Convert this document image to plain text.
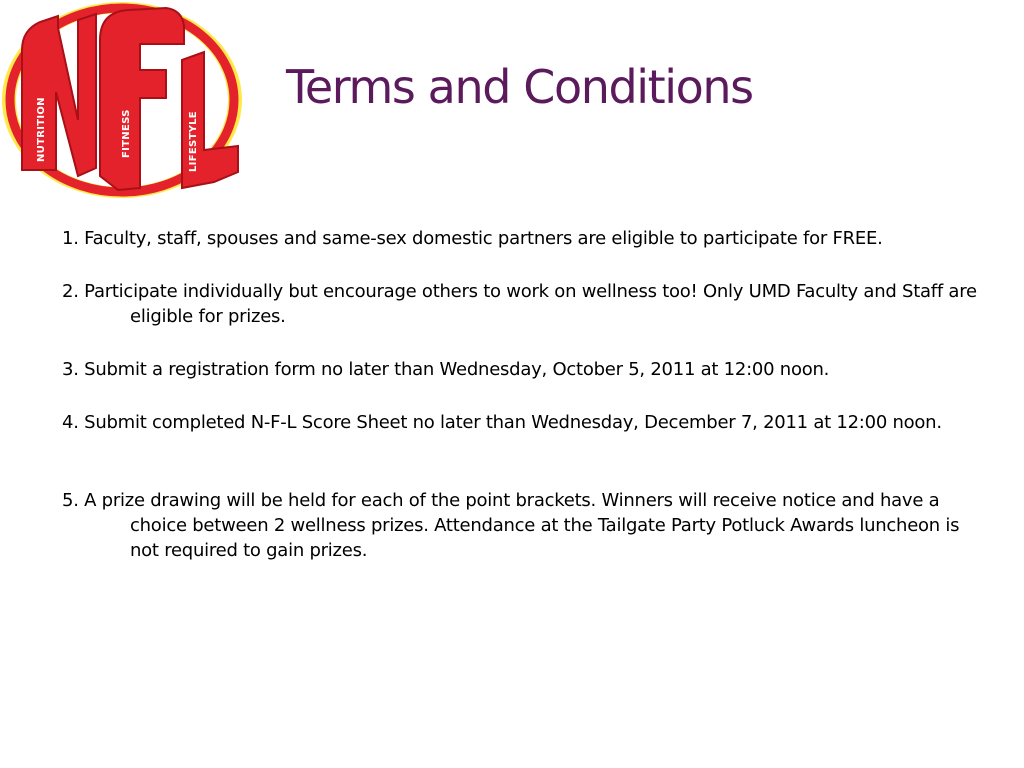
NUTRITION	FITNESS	LIFESTYLE
Terms and Conditions
1. Faculty, staff, spouses and same-sex domestic partners are eligible to participate for FREE.
2. Participate individually but encourage others to work on wellness too! Only UMD Faculty and Staff are eligible for prizes.
3. Submit a registration form no later than Wednesday, October 5, 2011 at 12:00 noon.
4. Submit completed N-F-L Score Sheet no later than Wednesday, December 7, 2011 at 12:00 noon.
5. A prize drawing will be held for each of the point brackets. Winners will receive notice and have a choice between 2 wellness prizes. Attendance at the Tailgate Party Potluck Awards luncheon is not required to gain prizes.
